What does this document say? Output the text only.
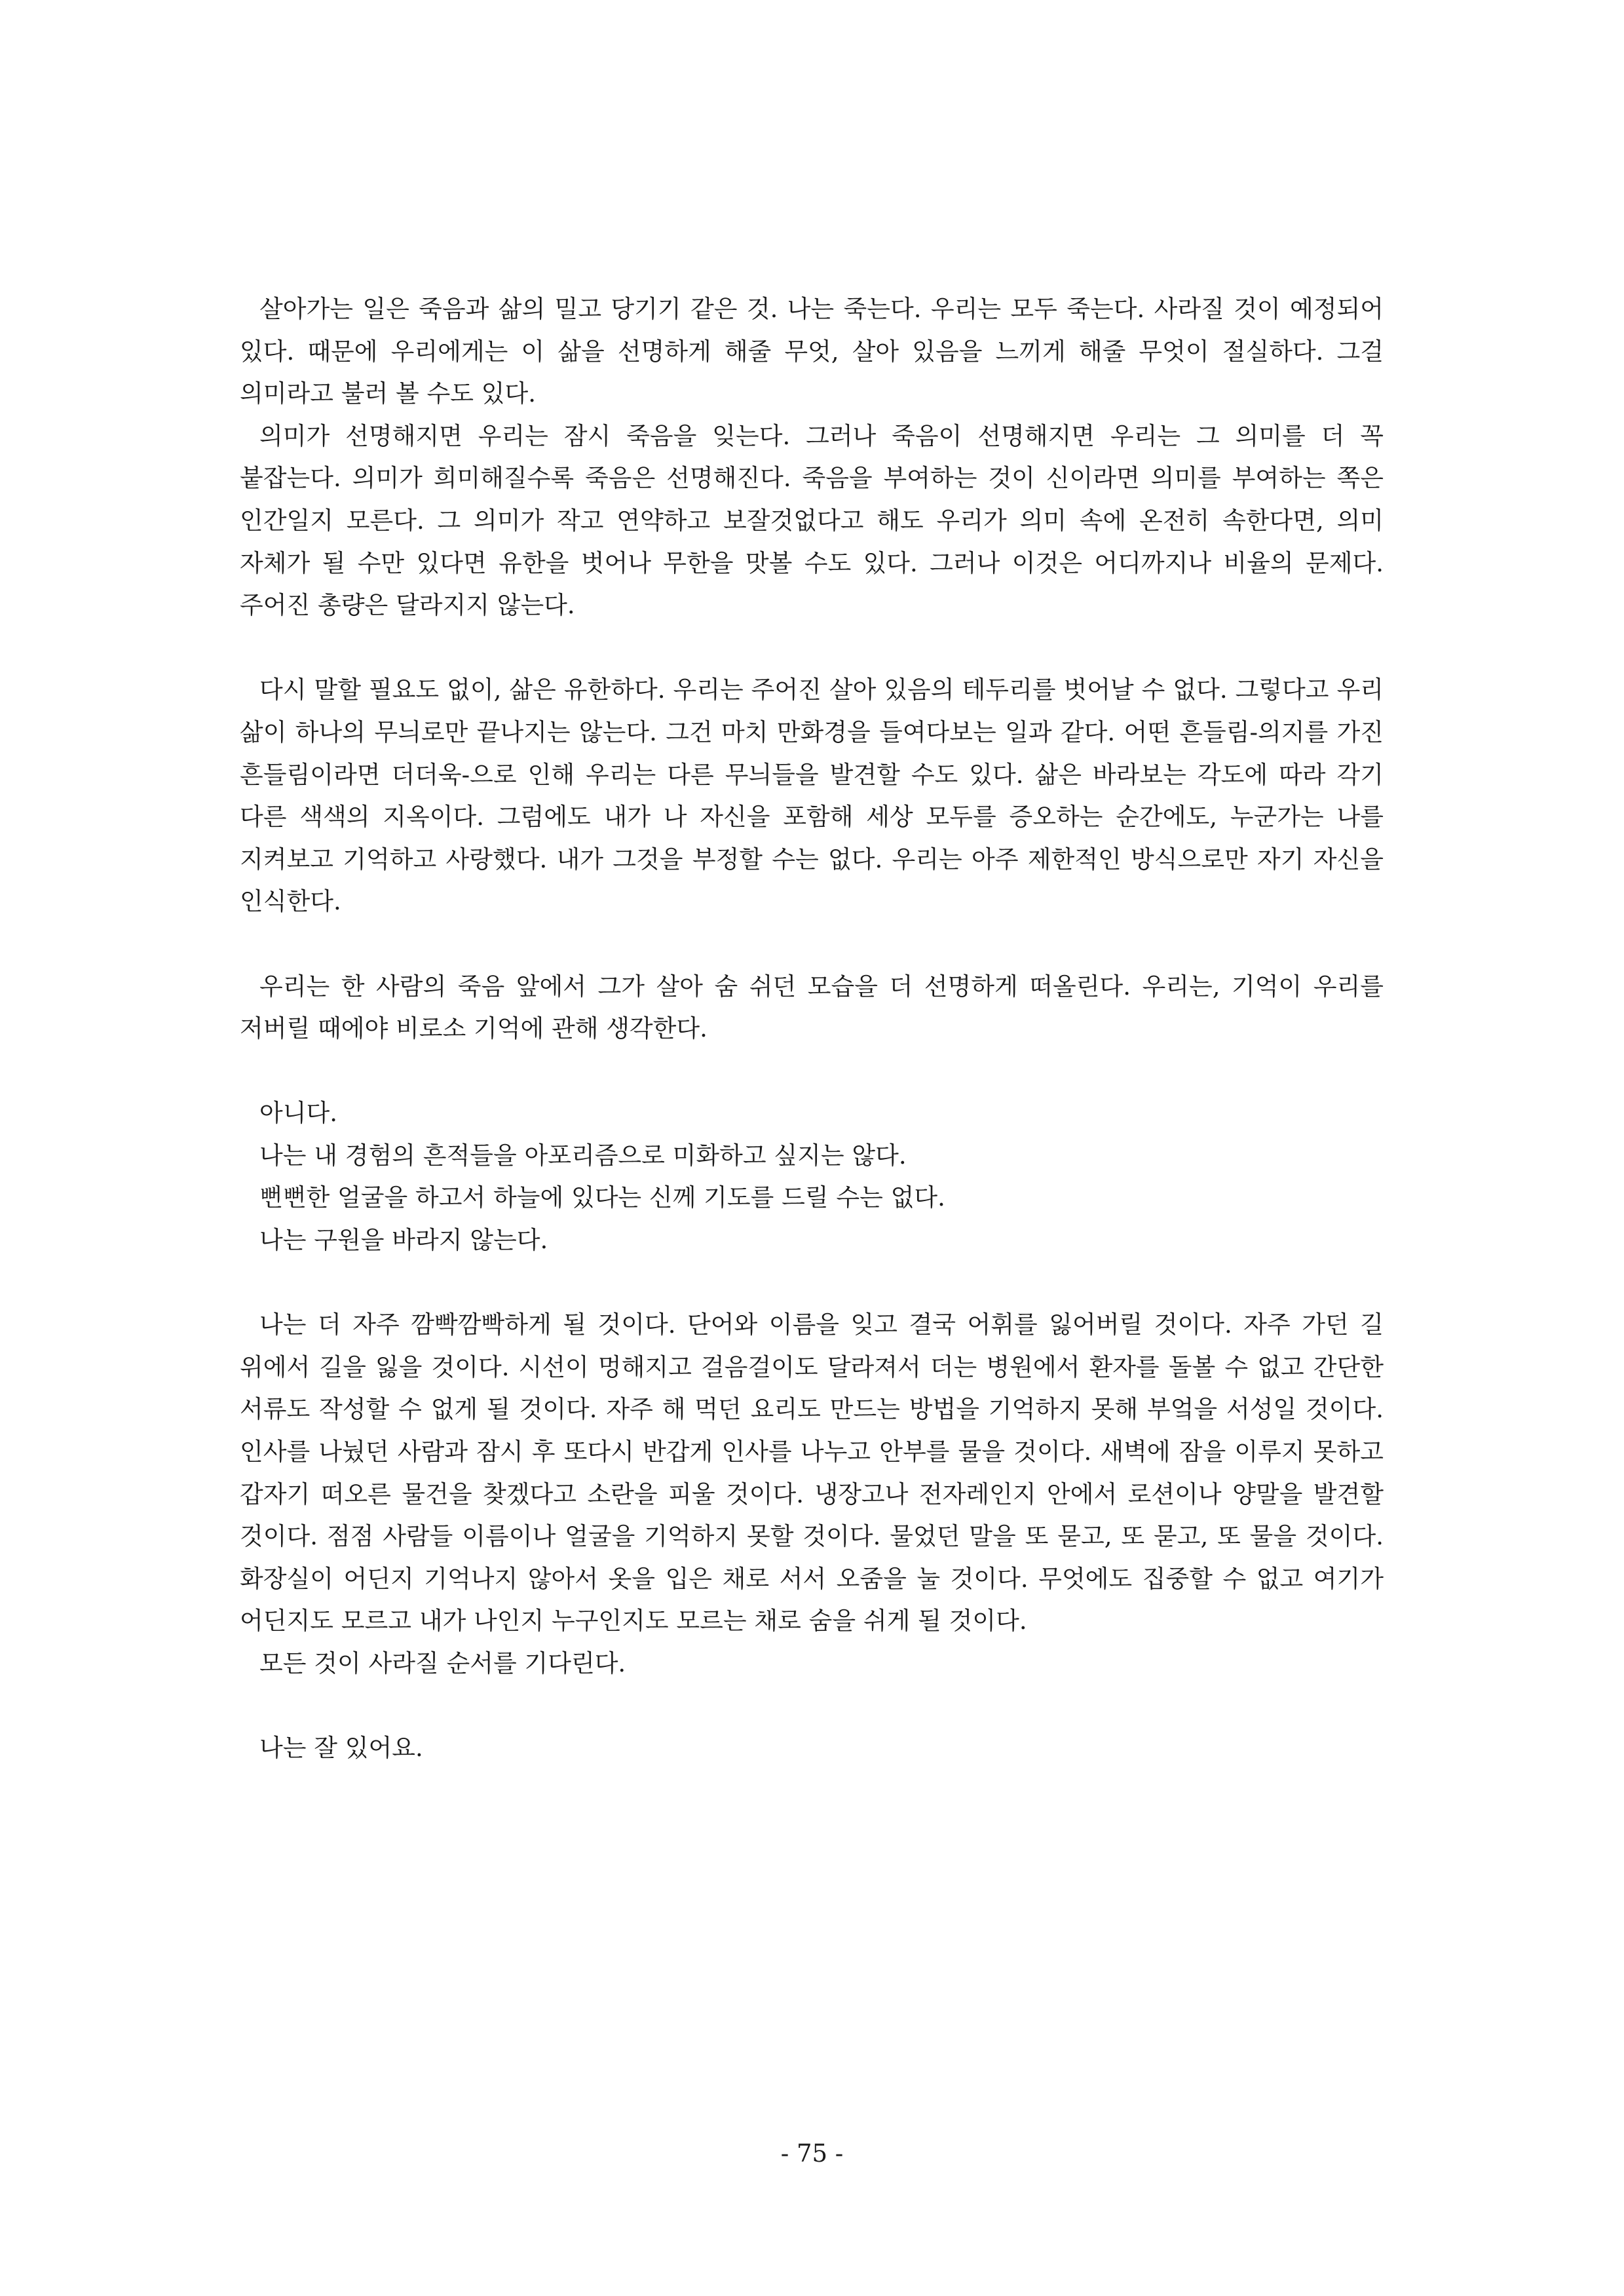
살아가는 일은 죽음과 삶의 밀고 당기기 같은 것. 나는 죽는다. 우리는 모두 죽는다. 사라질 것이 예정되어 있다. 때문에 우리에게는 이 삶을 선명하게 해줄 무엇, 살아 있음을 느끼게 해줄 무엇이 절실하다. 그걸 의미라고 불러 볼 수도 있다.

의미가 선명해지면 우리는 잠시 죽음을 잊는다. 그러나 죽음이 선명해지면 우리는 그 의미를 더 꼭 붙잡는다. 의미가 희미해질수록 죽음은 선명해진다. 죽음을 부여하는 것이 신이라면 의미를 부여하는 쪽은 인간일지 모른다. 그 의미가 작고 연약하고 보잘것없다고 해도 우리가 의미 속에 온전히 속한다면, 의미 자체가 될 수만 있다면 유한을 벗어나 무한을 맛볼 수도 있다. 그러나 이것은 어디까지나 비율의 문제다. 주어진 총량은 달라지지 않는다.

다시 말할 필요도 없이, 삶은 유한하다. 우리는 주어진 살아 있음의 테두리를 벗어날 수 없다. 그렇다고 우리 삶이 하나의 무늬로만 끝나지는 않는다. 그건 마치 만화경을 들여다보는 일과 같다. 어떤 흔들림-의지를 가진 흔들림이라면 더더욱-으로 인해 우리는 다른 무늬들을 발견할 수도 있다. 삶은 바라보는 각도에 따라 각기 다른 색색의 지옥이다. 그럼에도 내가 나 자신을 포함해 세상 모두를 증오하는 순간에도, 누군가는 나를 지켜보고 기억하고 사랑했다. 내가 그것을 부정할 수는 없다. 우리는 아주 제한적인 방식으로만 자기 자신을 인식한다.

우리는 한 사람의 죽음 앞에서 그가 살아 숨 쉬던 모습을 더 선명하게 떠올린다. 우리는, 기억이 우리를 저버릴 때에야 비로소 기억에 관해 생각한다.

아니다.

나는 내 경험의 흔적들을 아포리즘으로 미화하고 싶지는 않다.

뻔뻔한 얼굴을 하고서 하늘에 있다는 신께 기도를 드릴 수는 없다.

나는 구원을 바라지 않는다.

나는 더 자주 깜빡깜빡하게 될 것이다. 단어와 이름을 잊고 결국 어휘를 잃어버릴 것이다. 자주 가던 길 위에서 길을 잃을 것이다. 시선이 멍해지고 걸음걸이도 달라져서 더는 병원에서 환자를 돌볼 수 없고 간단한 서류도 작성할 수 없게 될 것이다. 자주 해 먹던 요리도 만드는 방법을 기억하지 못해 부엌을 서성일 것이다. 인사를 나눴던 사람과 잠시 후 또다시 반갑게 인사를 나누고 안부를 물을 것이다. 새벽에 잠을 이루지 못하고 갑자기 떠오른 물건을 찾겠다고 소란을 피울 것이다. 냉장고나 전자레인지 안에서 로션이나 양말을 발견할 것이다. 점점 사람들 이름이나 얼굴을 기억하지 못할 것이다. 물었던 말을 또 묻고, 또 묻고, 또 물을 것이다. 화장실이 어딘지 기억나지 않아서 옷을 입은 채로 서서 오줌을 눌 것이다. 무엇에도 집중할 수 없고 여기가 어딘지도 모르고 내가 나인지 누구인지도 모르는 채로 숨을 쉬게 될 것이다.

모든 것이 사라질 순서를 기다린다.

나는 잘 있어요.

- 75 -
